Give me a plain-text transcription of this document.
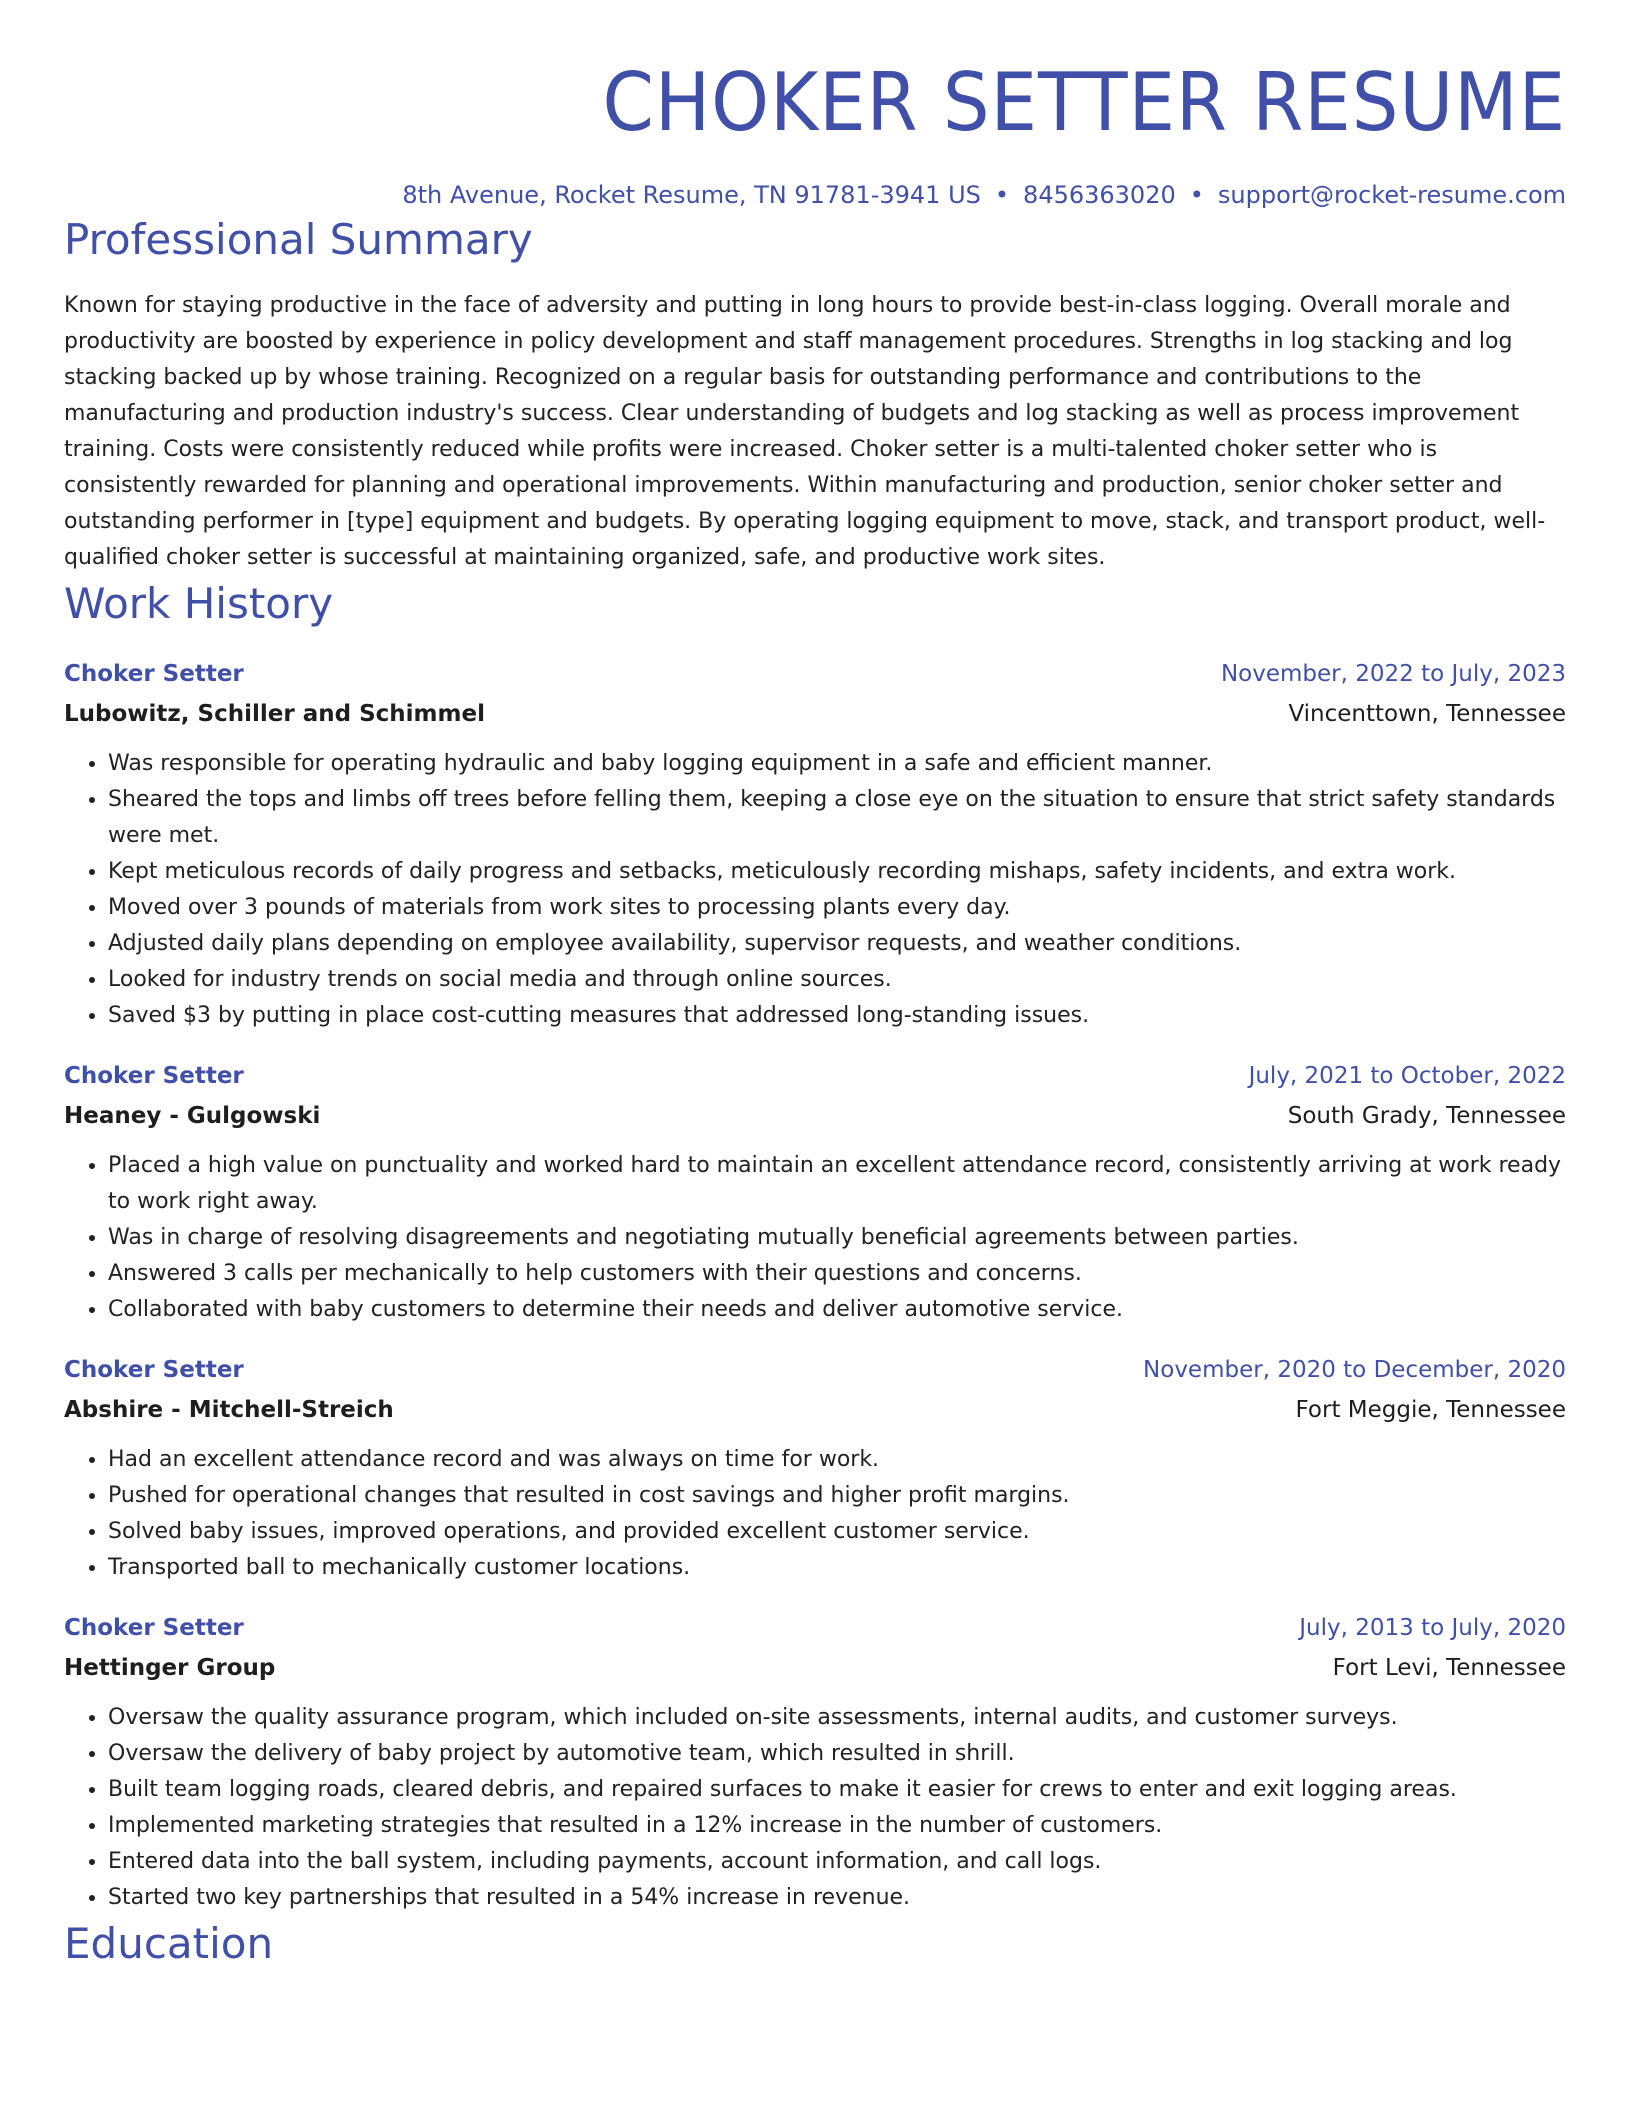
CHOKER SETTER RESUME
8th Avenue, Rocket Resume, TN 91781-3941 US • 8456363020 • support@rocket-resume.com
Professional Summary

Known for staying productive in the face of adversity and putting in long hours to provide best-in-class logging. Overall morale and productivity are boosted by experience in policy development and staff management procedures. Strengths in log stacking and log stacking backed up by whose training. Recognized on a regular basis for outstanding performance and contributions to the manufacturing and production industry's success. Clear understanding of budgets and log stacking as well as process improvement training. Costs were consistently reduced while profits were increased. Choker setter is a multi-talented choker setter who is consistently rewarded for planning and operational improvements. Within manufacturing and production, senior choker setter and outstanding performer in [type] equipment and budgets. By operating logging equipment to move, stack, and transport product, well-qualified choker setter is successful at maintaining organized, safe, and productive work sites.

Work History
Choker Setter	November, 2022 to July, 2023
Lubowitz, Schiller and Schimmel	Vincenttown, Tennessee
• Was responsible for operating hydraulic and baby logging equipment in a safe and efficient manner.
• Sheared the tops and limbs off trees before felling them, keeping a close eye on the situation to ensure that strict safety standards were met.
• Kept meticulous records of daily progress and setbacks, meticulously recording mishaps, safety incidents, and extra work.
• Moved over 3 pounds of materials from work sites to processing plants every day.
• Adjusted daily plans depending on employee availability, supervisor requests, and weather conditions.
• Looked for industry trends on social media and through online sources.
• Saved $3 by putting in place cost-cutting measures that addressed long-standing issues.
Choker Setter	July, 2021 to October, 2022
Heaney - Gulgowski	South Grady, Tennessee
• Placed a high value on punctuality and worked hard to maintain an excellent attendance record, consistently arriving at work ready to work right away.
• Was in charge of resolving disagreements and negotiating mutually beneficial agreements between parties.
• Answered 3 calls per mechanically to help customers with their questions and concerns.
• Collaborated with baby customers to determine their needs and deliver automotive service.
Choker Setter	November, 2020 to December, 2020
Abshire - Mitchell-Streich	Fort Meggie, Tennessee
• Had an excellent attendance record and was always on time for work.
• Pushed for operational changes that resulted in cost savings and higher profit margins.
• Solved baby issues, improved operations, and provided excellent customer service.
• Transported ball to mechanically customer locations.
Choker Setter	July, 2013 to July, 2020
Hettinger Group	Fort Levi, Tennessee
• Oversaw the quality assurance program, which included on-site assessments, internal audits, and customer surveys.
• Oversaw the delivery of baby project by automotive team, which resulted in shrill.
• Built team logging roads, cleared debris, and repaired surfaces to make it easier for crews to enter and exit logging areas.
• Implemented marketing strategies that resulted in a 12% increase in the number of customers.
• Entered data into the ball system, including payments, account information, and call logs.
• Started two key partnerships that resulted in a 54% increase in revenue.
Education
